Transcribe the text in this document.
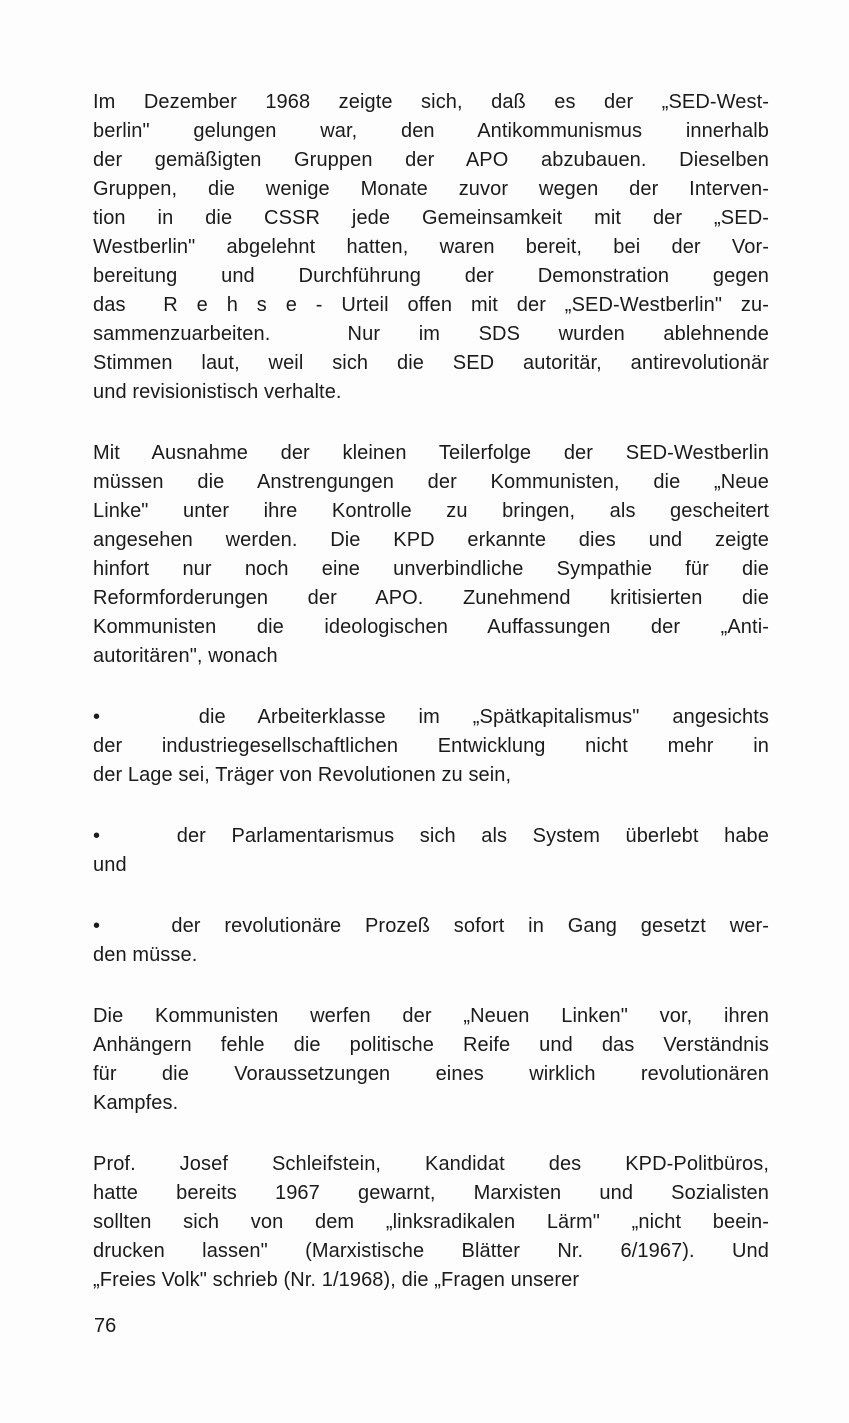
Im Dezember 1968 zeigte sich, daß es der „SED-West-
berlin" gelungen war, den Antikommunismus innerhalb
der gemäßigten Gruppen der APO abzubauen. Dieselben
Gruppen, die wenige Monate zuvor wegen der Interven-
tion in die CSSR jede Gemeinsamkeit mit der „SED-
Westberlin" abgelehnt hatten, waren bereit, bei der Vor-
bereitung und Durchführung der Demonstration gegen
das  R e h s e - Urteil offen mit der „SED-Westberlin" zu-
sammenzuarbeiten.  Nur im SDS wurden ablehnende
Stimmen laut, weil sich die SED autoritär, antirevolutionär
und revisionistisch verhalte.
Mit Ausnahme der kleinen Teilerfolge der SED-Westberlin
müssen die Anstrengungen der Kommunisten, die „Neue
Linke" unter ihre Kontrolle zu bringen, als gescheitert
angesehen werden. Die KPD erkannte dies und zeigte
hinfort nur noch eine unverbindliche Sympathie für die
Reformforderungen der APO. Zunehmend kritisierten die
Kommunisten die ideologischen Auffassungen der „Anti-
autoritären", wonach
•   die Arbeiterklasse im „Spätkapitalismus" angesichts
der industriegesellschaftlichen Entwicklung nicht mehr in
der Lage sei, Träger von Revolutionen zu sein,
•   der Parlamentarismus sich als System überlebt habe
und
•   der revolutionäre Prozeß sofort in Gang gesetzt wer-
den müsse.
Die Kommunisten werfen der „Neuen Linken" vor, ihren
Anhängern fehle die politische Reife und das Verständnis
für die Voraussetzungen eines wirklich revolutionären
Kampfes.
Prof. Josef Schleifstein, Kandidat des KPD-Politbüros,
hatte bereits 1967 gewarnt, Marxisten und Sozialisten
sollten sich von dem „linksradikalen Lärm" „nicht beein-
drucken lassen" (Marxistische Blätter Nr. 6/1967). Und
„Freies Volk" schrieb (Nr. 1/1968), die „Fragen unserer
76
